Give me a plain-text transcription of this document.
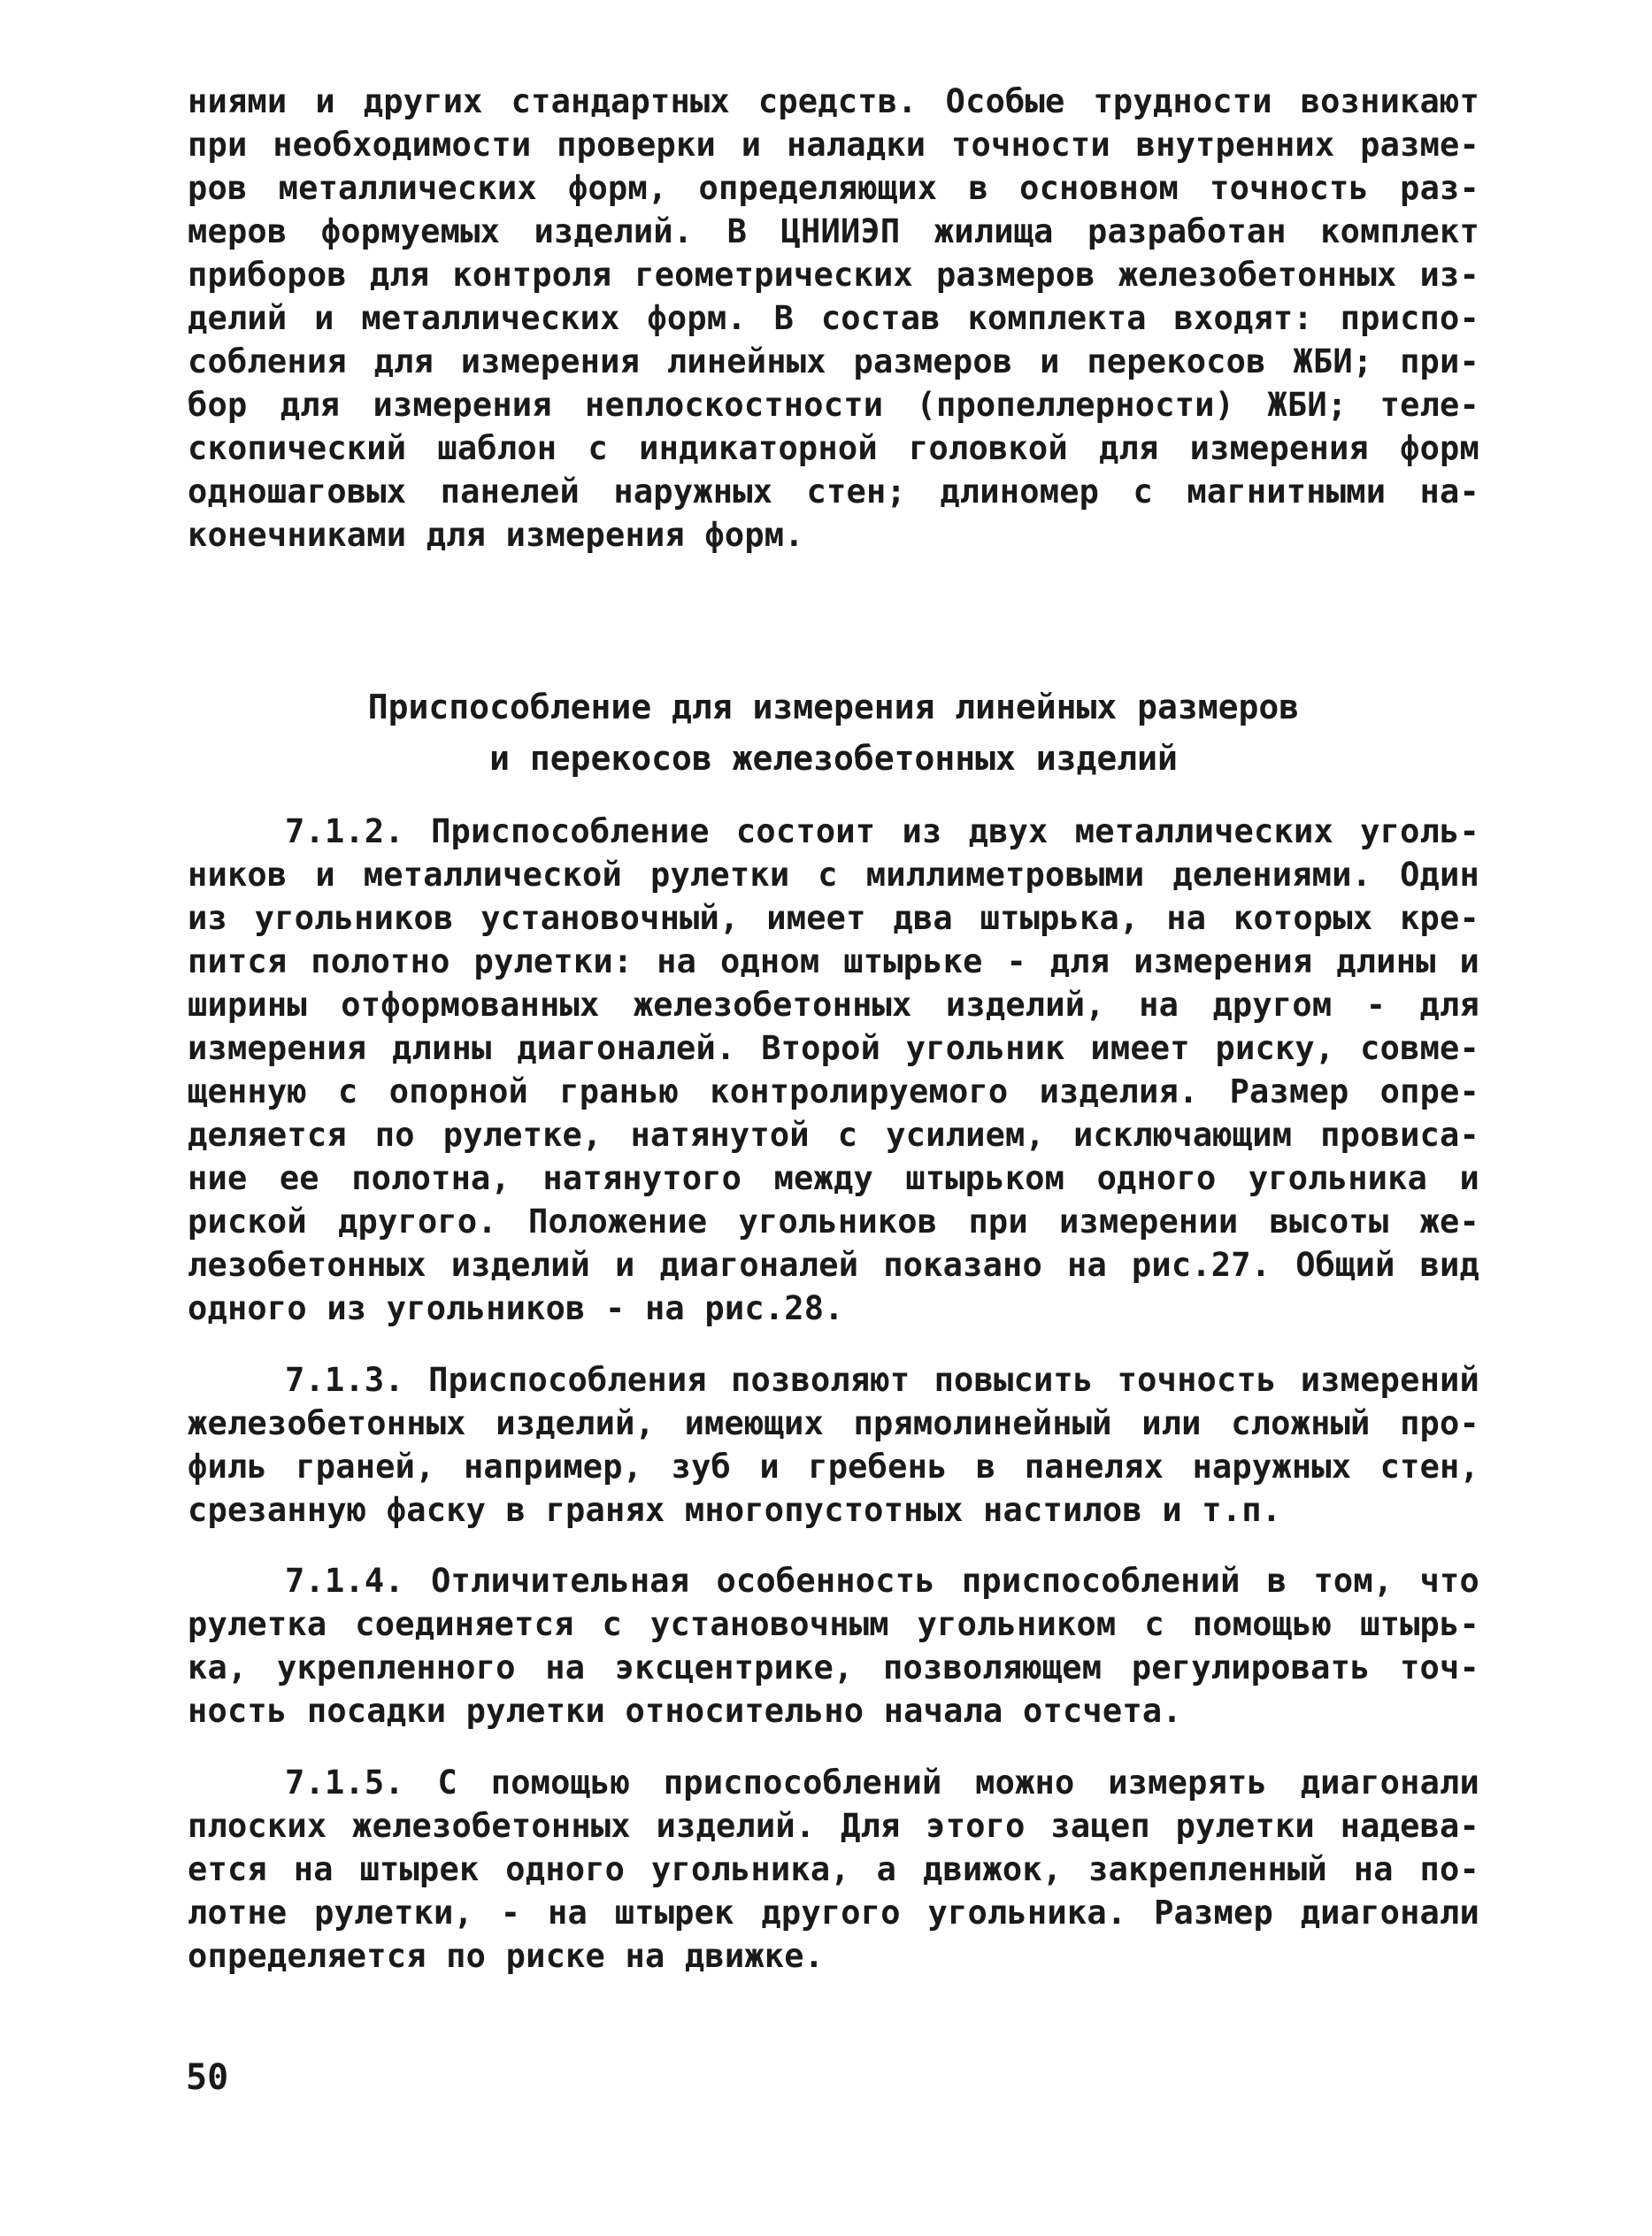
ниями и других стандартных средств. Особые трудности возникают
при необходимости проверки и наладки точности внутренних разме-
ров металлических форм, определяющих в основном точность раз-
меров формуемых изделий. В ЦНИИЭП жилища разработан комплект
приборов для контроля геометрических размеров железобетонных из-
делий и металлических форм. В состав комплекта входят: приспо-
собления для измерения линейных размеров и перекосов ЖБИ; при-
бор для измерения неплоскостности (пропеллерности) ЖБИ; теле-
скопический шаблон с индикаторной головкой для измерения форм
одношаговых панелей наружных стен; длиномер с магнитными на-
конечниками для измерения форм.
Приспособление для измерения линейных размеров
и перекосов железобетонных изделий
7.1.2. Приспособление состоит из двух металлических уголь-
ников и металлической рулетки с миллиметровыми делениями. Один
из угольников установочный, имеет два штырька, на которых кре-
пится полотно рулетки: на одном штырьке - для измерения длины и
ширины отформованных железобетонных изделий, на другом - для
измерения длины диагоналей. Второй угольник имеет риску, совме-
щенную с опорной гранью контролируемого изделия. Размер опре-
деляется по рулетке, натянутой с усилием, исключающим провиса-
ние ее полотна, натянутого между штырьком одного угольника и
риской другого. Положение угольников при измерении высоты же-
лезобетонных изделий и диагоналей показано на рис.27. Общий вид
одного из угольников - на рис.28.
7.1.3. Приспособления позволяют повысить точность измерений
железобетонных изделий, имеющих прямолинейный или сложный про-
филь граней, например, зуб и гребень в панелях наружных стен,
срезанную фаску в гранях многопустотных настилов и т.п.
7.1.4. Отличительная особенность приспособлений в том, что
рулетка соединяется с установочным угольником с помощью штырь-
ка, укрепленного на эксцентрике, позволяющем регулировать точ-
ность посадки рулетки относительно начала отсчета.
7.1.5. С помощью приспособлений можно измерять диагонали
плоских железобетонных изделий. Для этого зацеп рулетки надева-
ется на штырек одного угольника, а движок, закрепленный на по-
лотне рулетки, - на штырек другого угольника. Размер диагонали
определяется по риске на движке.
50
